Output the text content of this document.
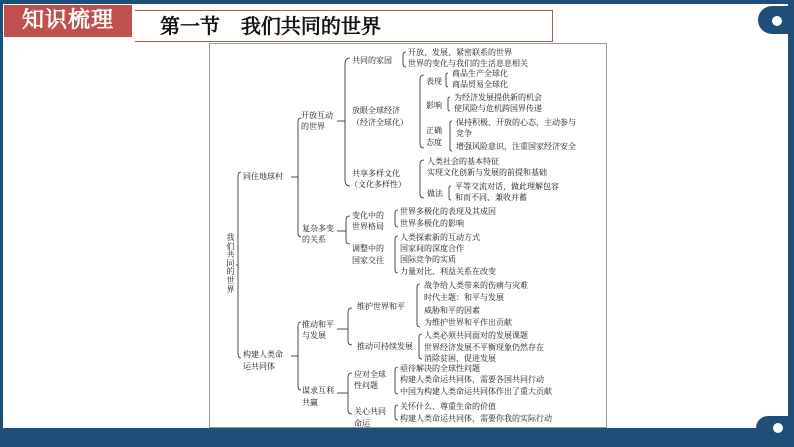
知识梳理	第一节   我们共同的世界
我们共同的世界
同住地球村
开放互动
的世界
共同的家园
开放、发展、紧密联系的世界
世界的变化与我们的生活息息相关
放眼全球经济
（经济全球化）
表现
商品生产全球化
商品贸易全球化
影响
为经济发展提供新的机会
使风险与危机跨国界传递
正确
态度
保持积极、开放的心态，主动参与
竞争
增强风险意识，注重国家经济安全
共享多样文化
（文化多样性）
人类社会的基本特征
实现文化创新与发展的前提和基础
做法
平等交流对话，做此理解包容
和而不同、兼收并蓄
复杂多变
的关系
变化中的
世界格局
世界多极化的表现及其成因
世界多极化的影响
调整中的
国家交往
人类探索新的互动方式
国家间的深度合作
国际竞争的实质
力量对比、利益关系在改变
构建人类命
运共同体
推动和平
与发展
维护世界和平
战争给人类带来的伤痛与灾难
时代主题：和平与发展
威胁和平的因素
为维护世界和平作出贡献
推动可持续发展
人类必须共同面对的发展课题
世界经济发展不平衡现象仍然存在
消除贫困，促进发展
谋求互利
共赢
应对全球
性问题
亟待解决的全球性问题
构建人类命运共同体，需要各国共同行动
中国为构建人类命运共同体作出了重大贡献
关心共同
命运
关怀什么、尊重生命的价值
构建人类命运共同体，需要你我的实际行动
